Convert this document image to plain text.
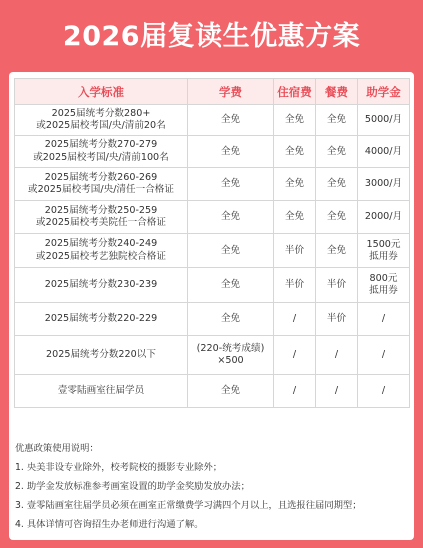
2026届复读生优惠方案
入学标准	学费	住宿费	餐费	助学金
2025届统考分数280+
或2025届校考国/央/清前20名	全免	全免	全免	5000/月
2025届统考分数270-279
或2025届校考国/央/清前100名	全免	全免	全免	4000/月
2025届统考分数260-269
或2025届校考国/央/清任一合格证	全免	全免	全免	3000/月
2025届统考分数250-259
或2025届校考美院任一合格证	全免	全免	全免	2000/月
2025届统考分数240-249
或2025届校考艺独院校合格证	全免	半价	全免	1500元
抵用券
2025届统考分数230-239	全免	半价	半价	800元
抵用券
2025届统考分数220-229	全免	/	半价	/
2025届统考分数220以下	(220-统考成绩)
×500	/	/	/
壹零陆画室往届学员	全免	/	/	/
优惠政策使用说明：
1. 央美非设专业除外，校考院校的摄影专业除外；
2. 助学金发放标准参考画室设置的助学金奖励发放办法；
3. 壹零陆画室往届学员必须在画室正常缴费学习满四个月以上，且选报往届同期型；
4. 具体详情可咨询招生办老师进行沟通了解。
